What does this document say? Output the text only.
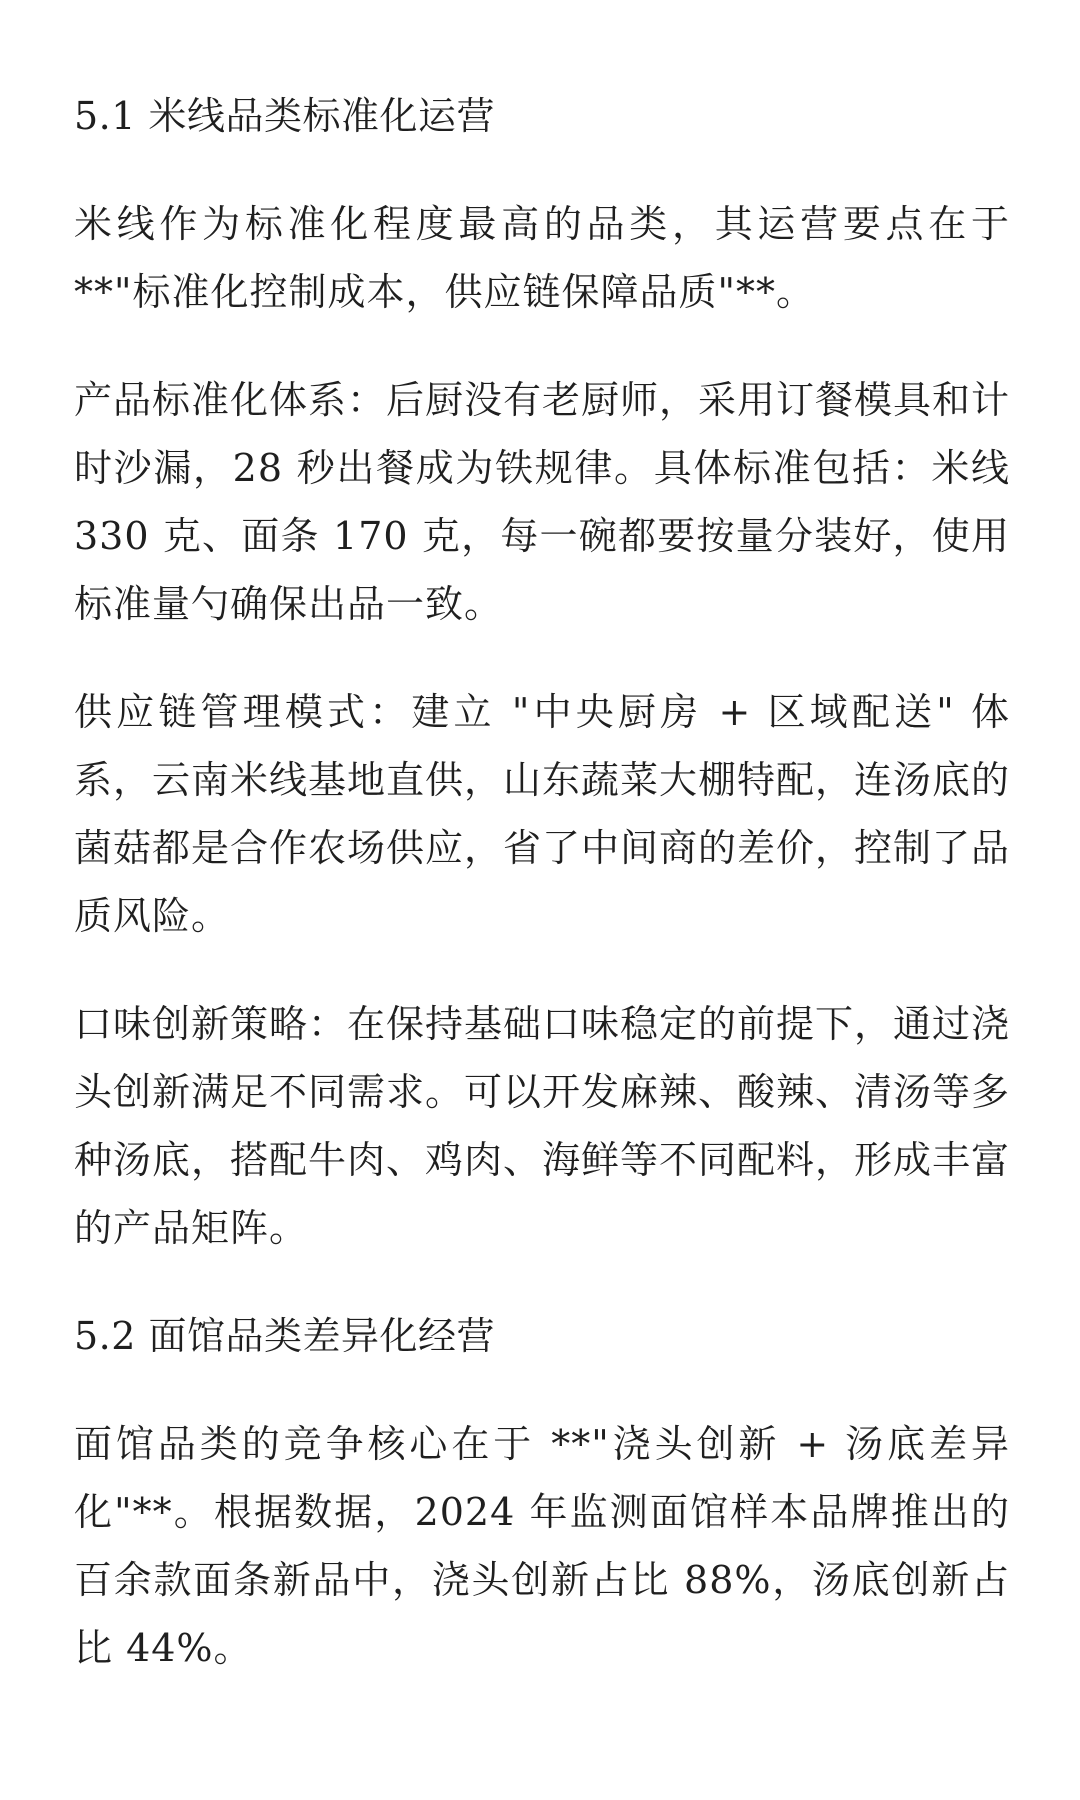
5.1 米线品类标准化运营

米线作为标准化程度最高的品类，其运营要点在于**"标准化控制成本，供应链保障品质"**。

产品标准化体系：后厨没有老厨师，采用订餐模具和计时沙漏，28 秒出餐成为铁规律。具体标准包括：米线 330 克、面条 170 克，每一碗都要按量分装好，使用标准量勺确保出品一致。

供应链管理模式：建立 "中央厨房 + 区域配送" 体系，云南米线基地直供，山东蔬菜大棚特配，连汤底的菌菇都是合作农场供应，省了中间商的差价，控制了品质风险。

口味创新策略：在保持基础口味稳定的前提下，通过浇头创新满足不同需求。可以开发麻辣、酸辣、清汤等多种汤底，搭配牛肉、鸡肉、海鲜等不同配料，形成丰富的产品矩阵。

5.2 面馆品类差异化经营

面馆品类的竞争核心在于 **"浇头创新 + 汤底差异化"**。根据数据，2024 年监测面馆样本品牌推出的百余款面条新品中，浇头创新占比 88%，汤底创新占比 44%。
